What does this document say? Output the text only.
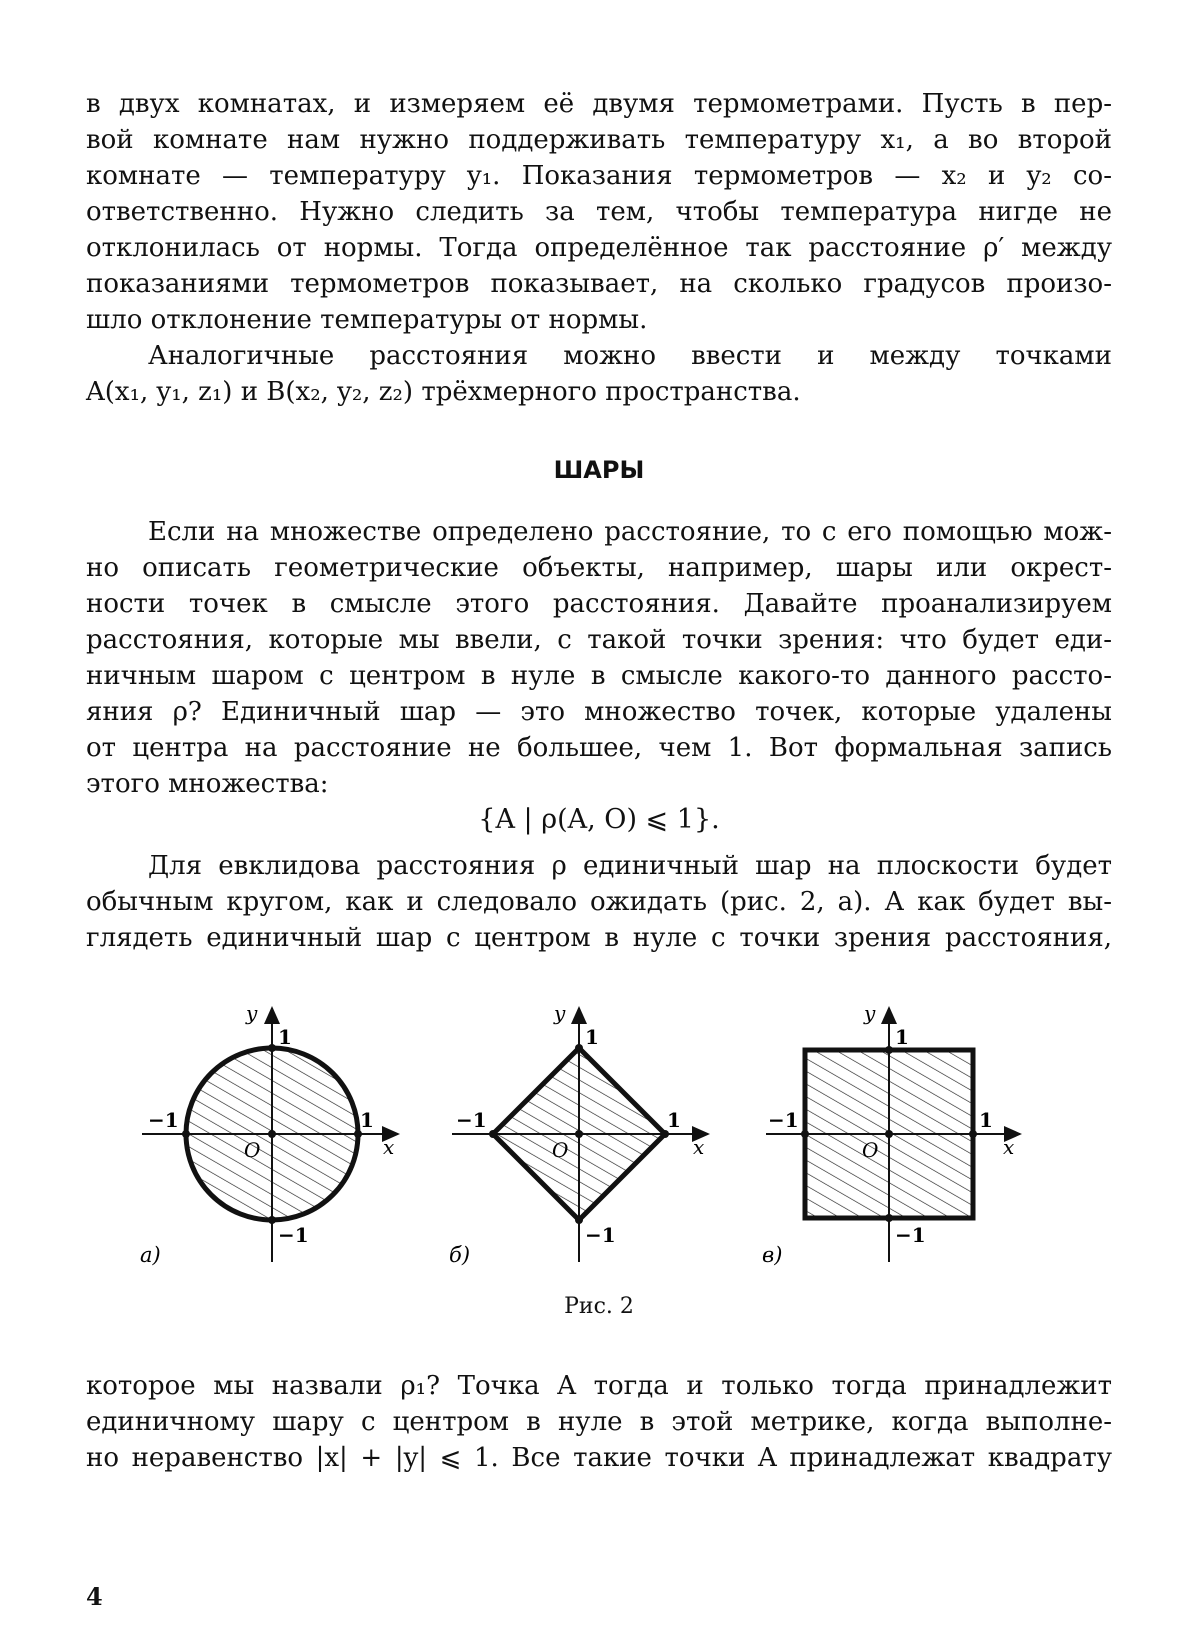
в двух комнатах, и измеряем её двумя термометрами. Пусть в пер-
вой комнате нам нужно поддерживать температуру x₁, а во второй
комнате — температуру y₁. Показания термометров — x₂ и y₂ со-
ответственно. Нужно следить за тем, чтобы температура нигде не
отклонилась от нормы. Тогда определённое так расстояние ρ′ между
показаниями термометров показывает, на сколько градусов произо-
шло отклонение температуры от нормы.

Аналогичные расстояния можно ввести и между точками
A(x₁, y₁, z₁) и B(x₂, y₂, z₂) трёхмерного пространства.

ШАРЫ

Если на множестве определено расстояние, то с его помощью мож-
но описать геометрические объекты, например, шары или окрест-
ности точек в смысле этого расстояния. Давайте проанализируем
расстояния, которые мы ввели, с такой точки зрения: что будет еди-
ничным шаром с центром в нуле в смысле какого-то данного рассто-
яния ρ? Единичный шар — это множество точек, которые удалены
от центра на расстояние не большее, чем 1. Вот формальная запись
этого множества:

{A | ρ(A, O) ⩽ 1}.

Для евклидова расстояния ρ единичный шар на плоскости будет
обычным кругом, как и следовало ожидать (рис. 2, а). А как будет вы-
глядеть единичный шар с центром в нуле с точки зрения расстояния,

Рис. 2

которое мы назвали ρ₁? Точка A тогда и только тогда принадлежит
единичному шару с центром в нуле в этой метрике, когда выполне-
но неравенство |x| + |y| ⩽ 1. Все такие точки A принадлежат квадрату

y
x
O
1
1
−1
−1
а)
y
x
O
1
1
−1
−1
б)
y
x
O
1
1
−1
−1
в)
4
